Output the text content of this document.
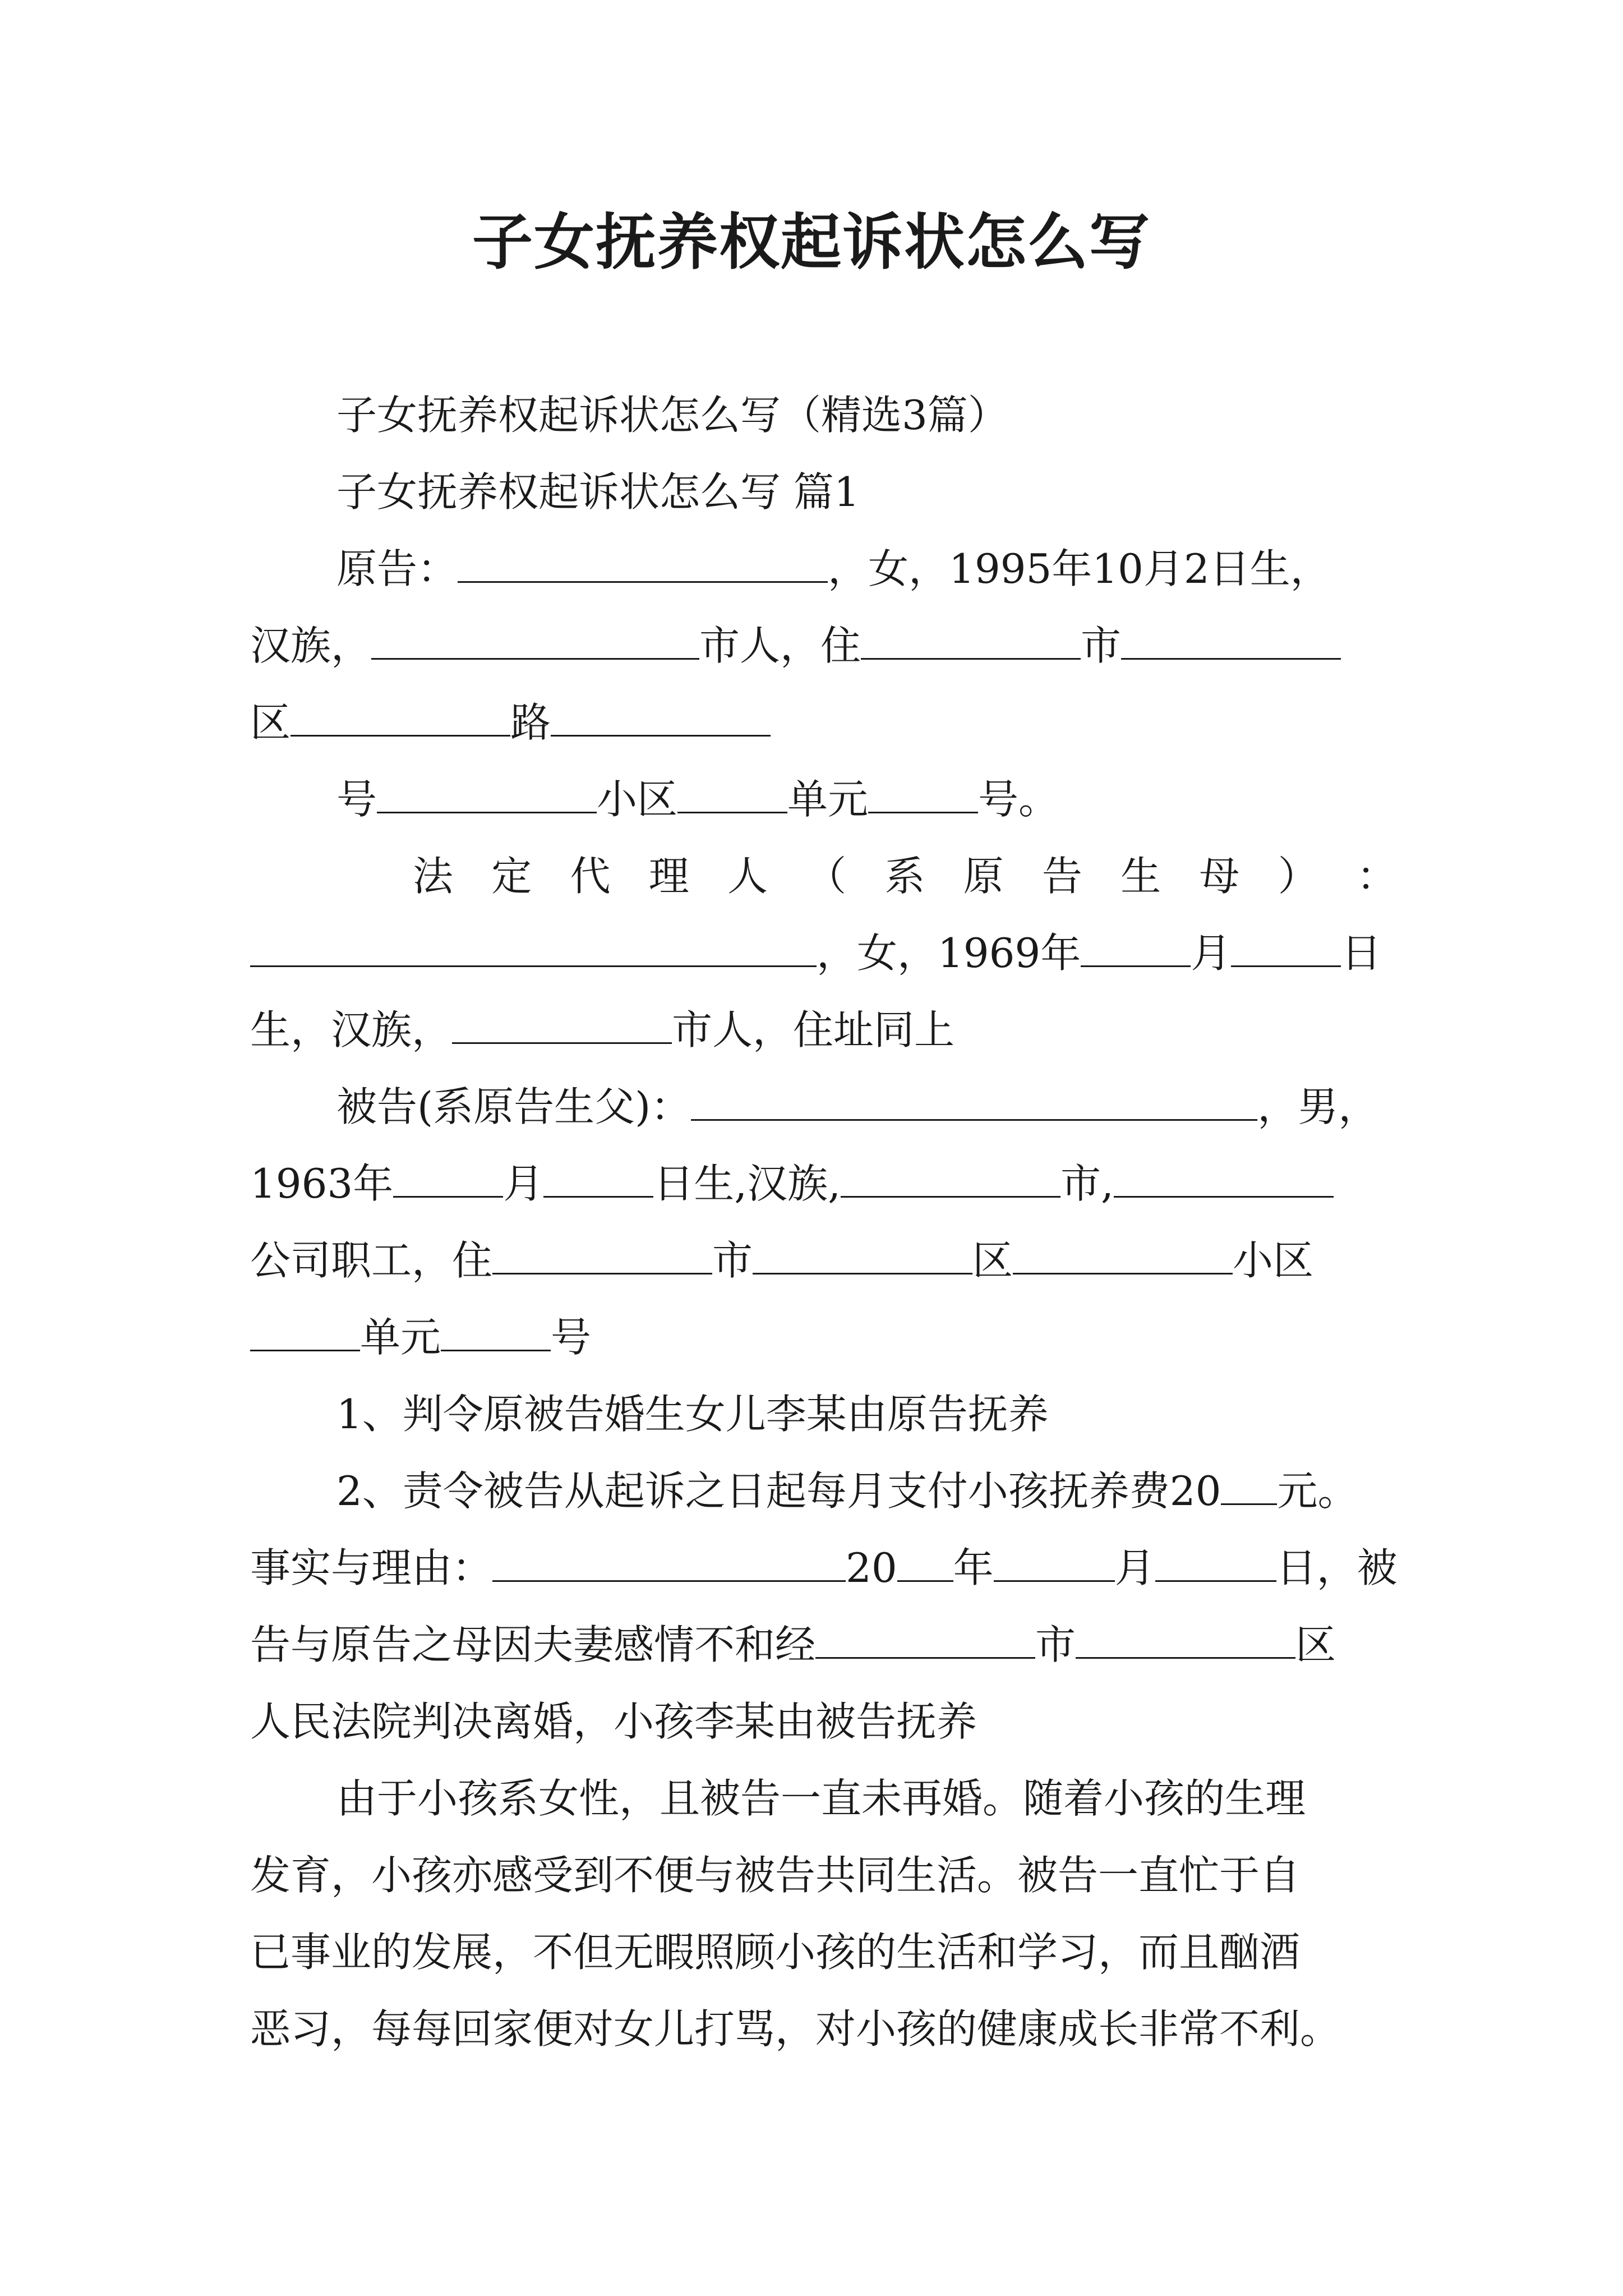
子女抚养权起诉状怎么写
子女抚养权起诉状怎么写（精选3篇）
子女抚养权起诉状怎么写 篇1
原告：	，女，1995年10月2日生，
汉族，	市人，住	市
区	路
号	小区	单元	号。
法 定 代 理 人 （ 系 原 告 生 母 ） ：
，女，1969年	月	日
生，汉族，	市人，住址同上
被告(系原告生父)：	，男，
1963年	月	日生,汉族,	市,
公司职工，住	市	区	小区
单元	号
1、判令原被告婚生女儿李某由原告抚养
2、责令被告从起诉之日起每月支付小孩抚养费20 元。
事实与理由：	20 年	月	日，被
告与原告之母因夫妻感情不和经	市	区
人民法院判决离婚，小孩李某由被告抚养
由于小孩系女性，且被告一直未再婚。随着小孩的生理
发育，小孩亦感受到不便与被告共同生活。被告一直忙于自
已事业的发展，不但无暇照顾小孩的生活和学习，而且酗酒
恶习，每每回家便对女儿打骂，对小孩的健康成长非常不利。
